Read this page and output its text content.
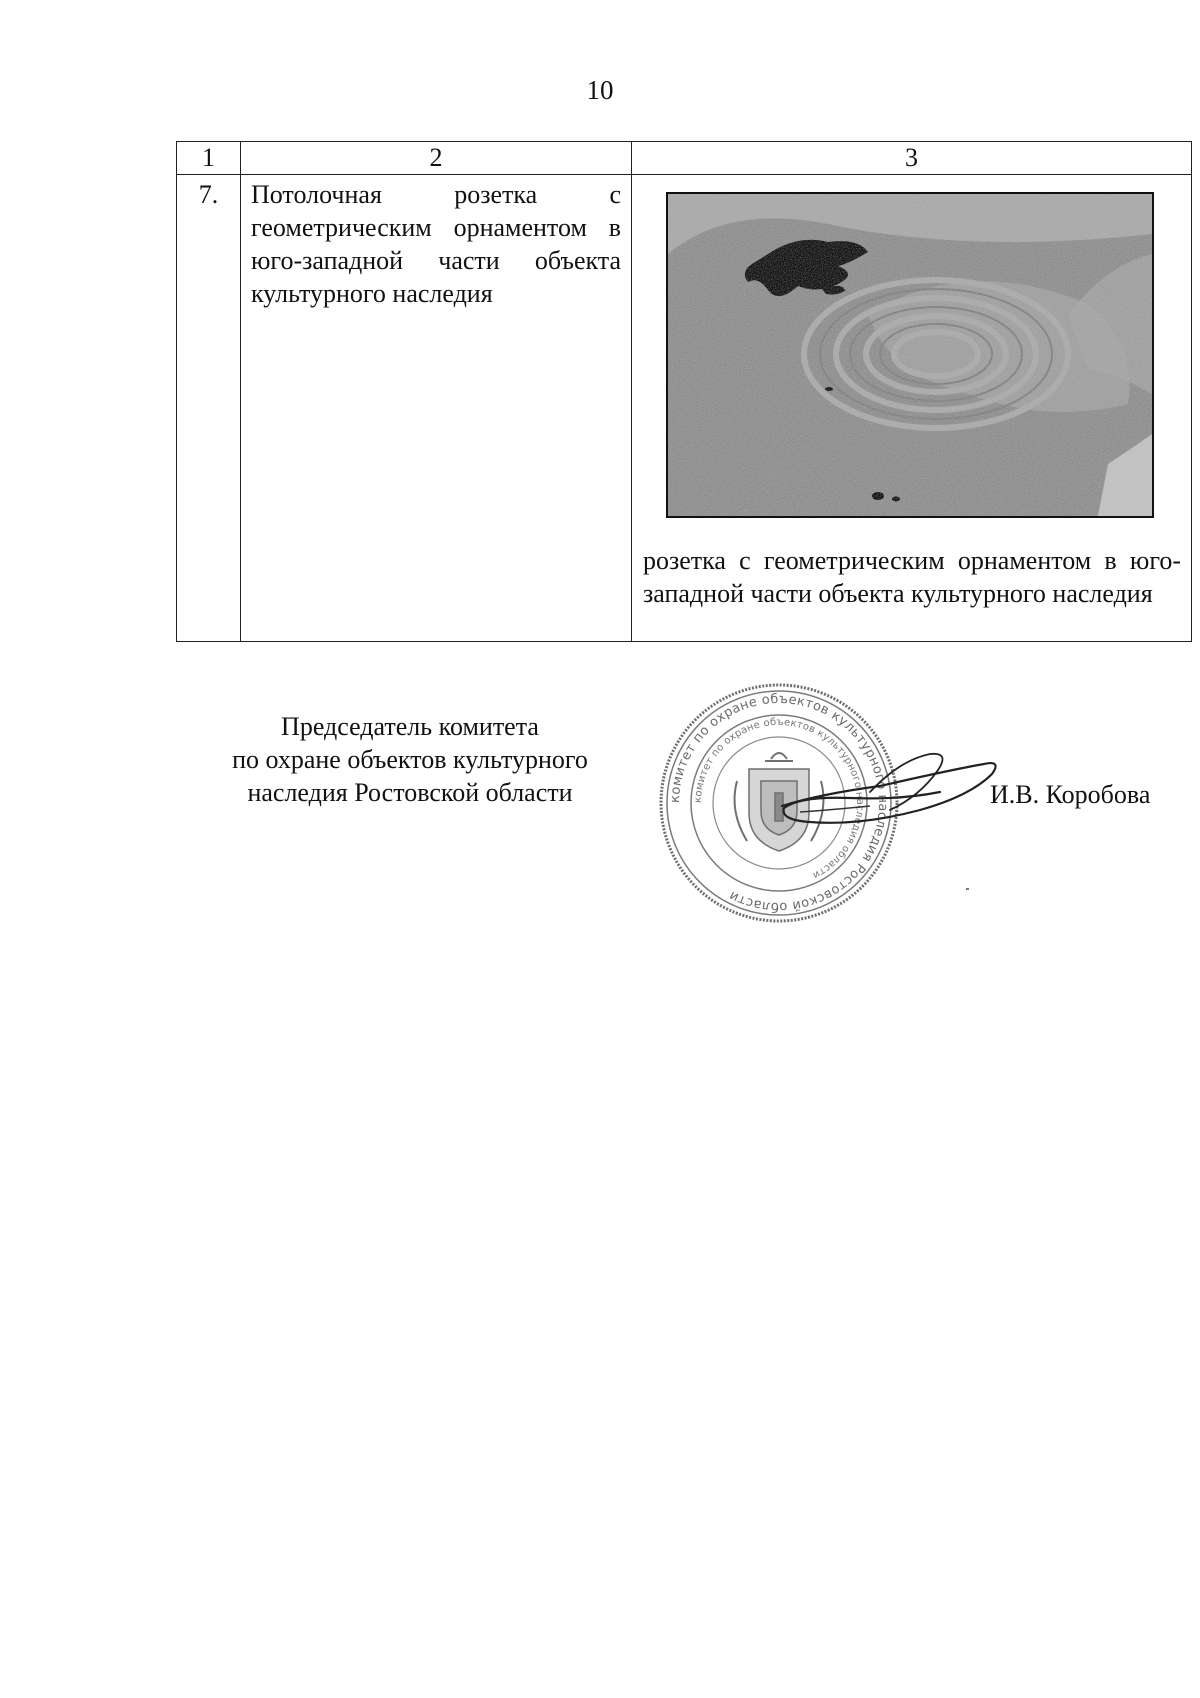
10
1	2	3
7.	Потолочная розетка с геометрическим орнаментом в юго-западной части объекта культурного наследия	розетка с геометрическим орнаментом в юго-западной части объекта культурного наследия
Председатель комитета
по охране объектов культурного
наследия Ростовской области	комитет по охране объектов культурного наследия Ростовской области
комитет по охране объектов культурного наследия области
И.В. Коробова
